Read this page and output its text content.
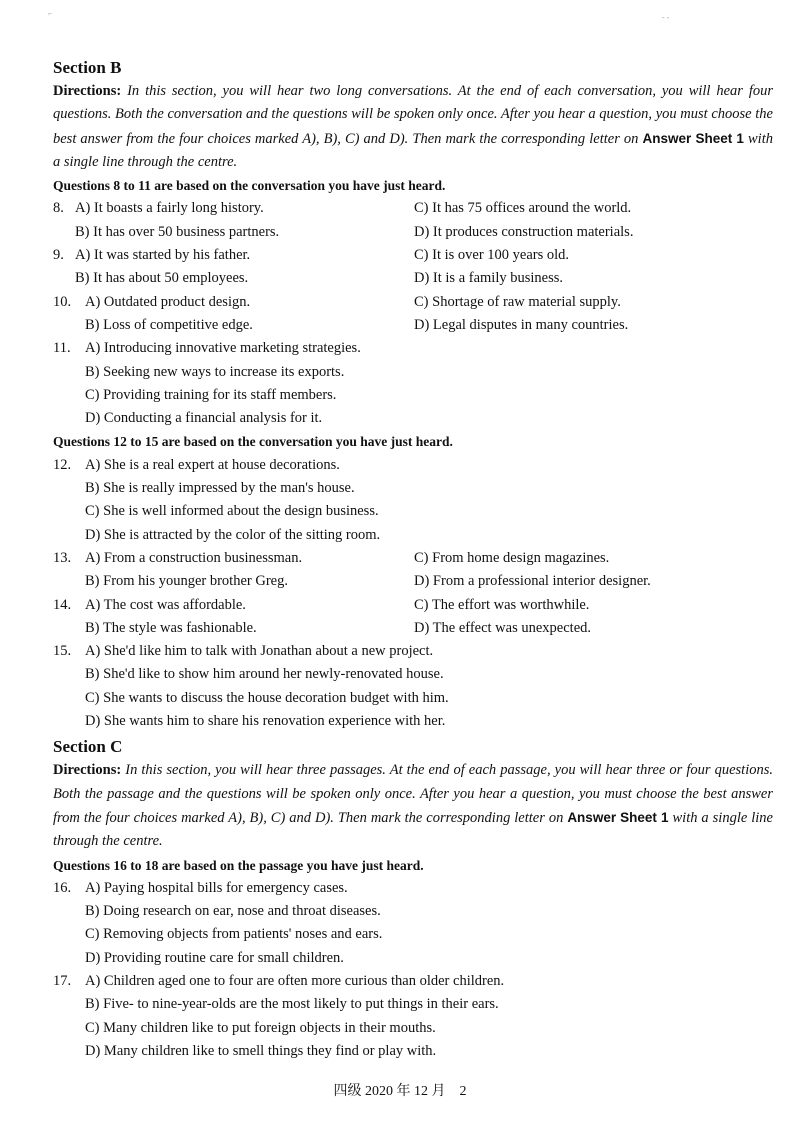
,.
- -
Section B

Directions: In this section, you will hear two long conversations. At the end of each conversation, you will hear four questions. Both the conversation and the questions will be spoken only once. After you hear a question, you must choose the best answer from the four choices marked A), B), C) and D). Then mark the corresponding letter on Answer Sheet 1 with a single line through the centre.

Questions 8 to 11 are based on the conversation you have just heard.

8. A) It boasts a fairly long history.	C) It has 75 offices around the world.
B) It has over 50 business partners.	D) It produces construction materials.
9. A) It was started by his father.	C) It is over 100 years old.
B) It has about 50 employees.	D) It is a family business.
10. A) Outdated product design.	C) Shortage of raw material supply.
B) Loss of competitive edge.	D) Legal disputes in many countries.
11. A) Introducing innovative marketing strategies.
B) Seeking new ways to increase its exports.
C) Providing training for its staff members.
D) Conducting a financial analysis for it.

Questions 12 to 15 are based on the conversation you have just heard.

12. A) She is a real expert at house decorations.
B) She is really impressed by the man's house.
C) She is well informed about the design business.
D) She is attracted by the color of the sitting room.
13. A) From a construction businessman.	C) From home design magazines.
B) From his younger brother Greg.	D) From a professional interior designer.
14. A) The cost was affordable.	C) The effort was worthwhile.
B) The style was fashionable.	D) The effect was unexpected.
15. A) She'd like him to talk with Jonathan about a new project.
B) She'd like to show him around her newly-renovated house.
C) She wants to discuss the house decoration budget with him.
D) She wants him to share his renovation experience with her.
Section C

Directions: In this section, you will hear three passages. At the end of each passage, you will hear three or four questions. Both the passage and the questions will be spoken only once. After you hear a question, you must choose the best answer from the four choices marked A), B), C) and D). Then mark the corresponding letter on Answer Sheet 1 with a single line through the centre.

Questions 16 to 18 are based on the passage you have just heard.

16. A) Paying hospital bills for emergency cases.
B) Doing research on ear, nose and throat diseases.
C) Removing objects from patients' noses and ears.
D) Providing routine care for small children.
17. A) Children aged one to four are often more curious than older children.
B) Five- to nine-year-olds are the most likely to put things in their ears.
C) Many children like to put foreign objects in their mouths.
D) Many children like to smell things they find or play with.
四级 2020 年 12 月　2
